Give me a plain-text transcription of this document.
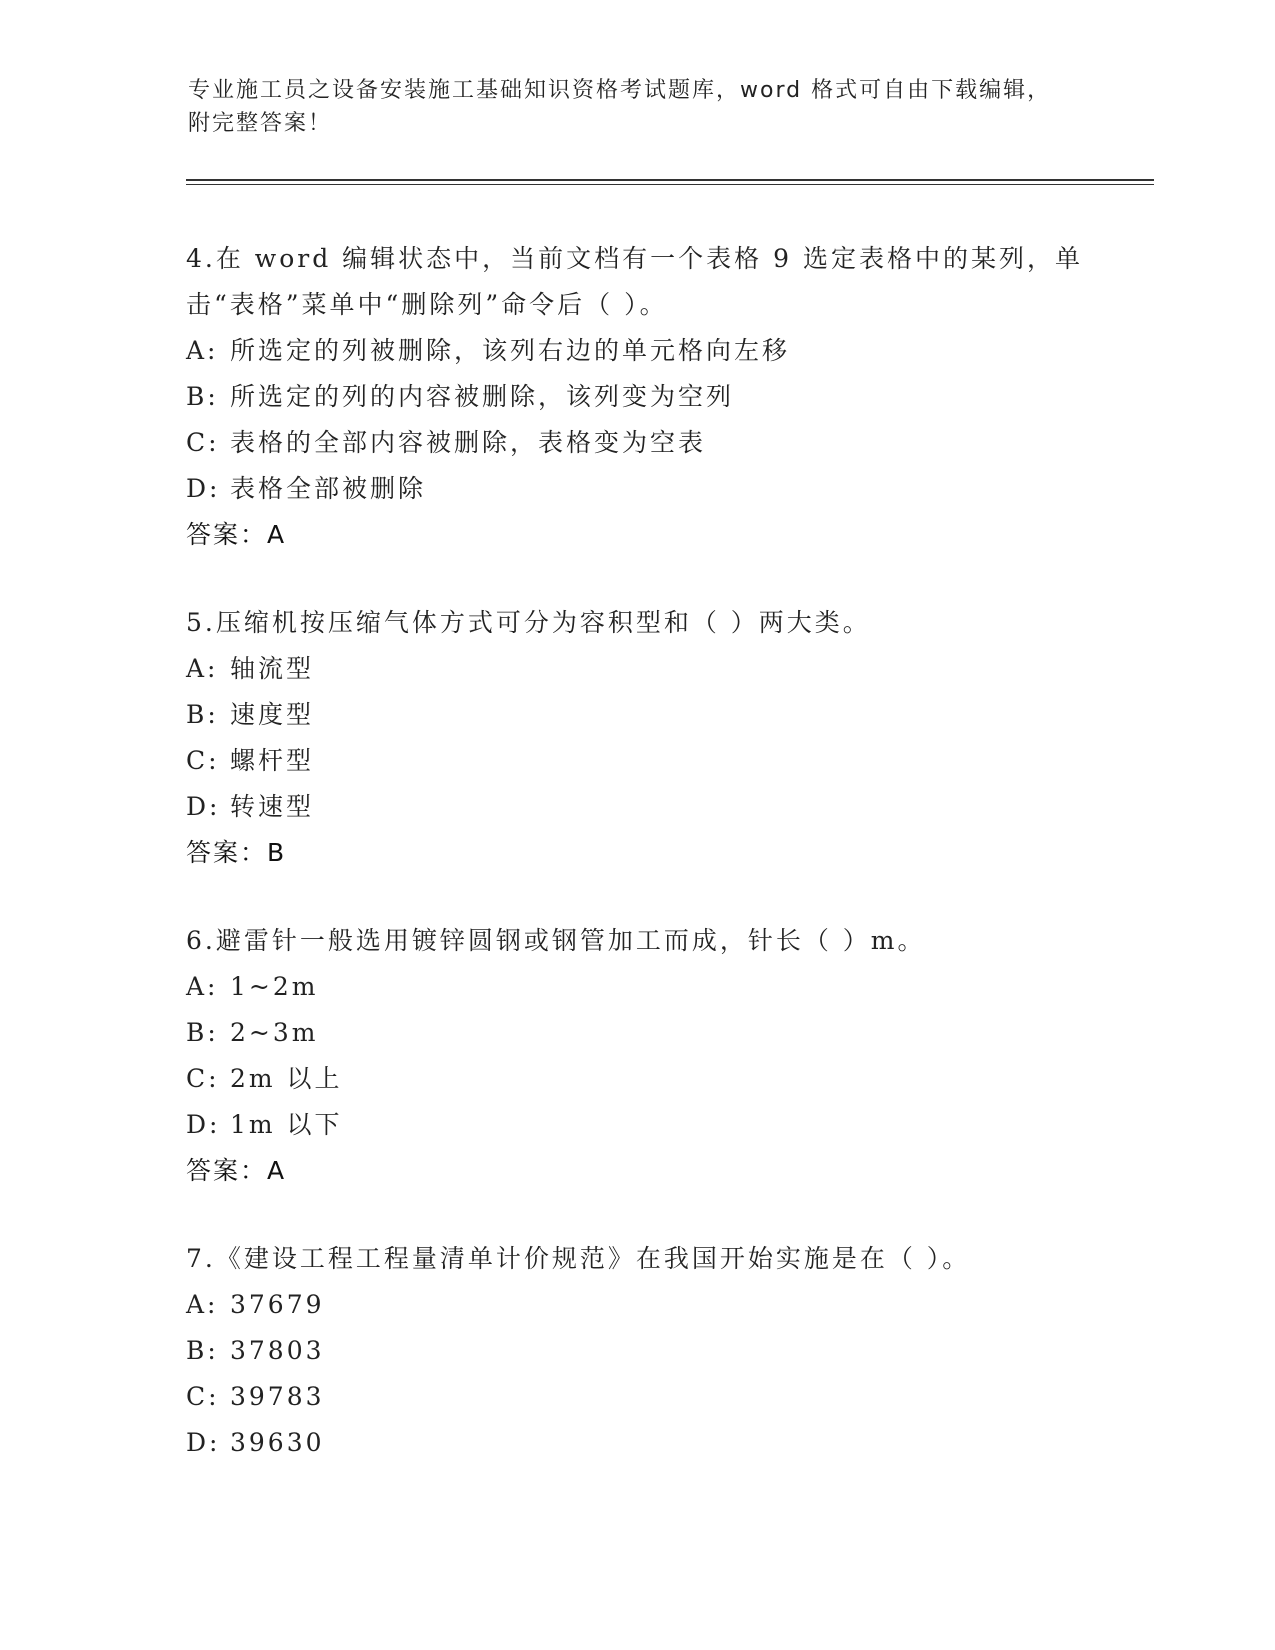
专业施工员之设备安装施工基础知识资格考试题库，word 格式可自由下载编辑，
附完整答案！
4.在 word 编辑状态中，当前文档有一个表格 9 选定表格中的某列，单击“表格”菜单中“删除列”命令后（ ）。
A: 所选定的列被删除，该列右边的单元格向左移
B: 所选定的列的内容被删除，该列变为空列
C: 表格的全部内容被删除，表格变为空表
D: 表格全部被删除
答案：A
5.压缩机按压缩气体方式可分为容积型和（ ）两大类。
A: 轴流型
B: 速度型
C: 螺杆型
D: 转速型
答案：B
6.避雷针一般选用镀锌圆钢或钢管加工而成，针长（ ）m。
A: 1~2m
B: 2~3m
C: 2m 以上
D: 1m 以下
答案：A
7.《建设工程工程量清单计价规范》在我国开始实施是在（ ）。
A: 37679
B: 37803
C: 39783
D: 39630
